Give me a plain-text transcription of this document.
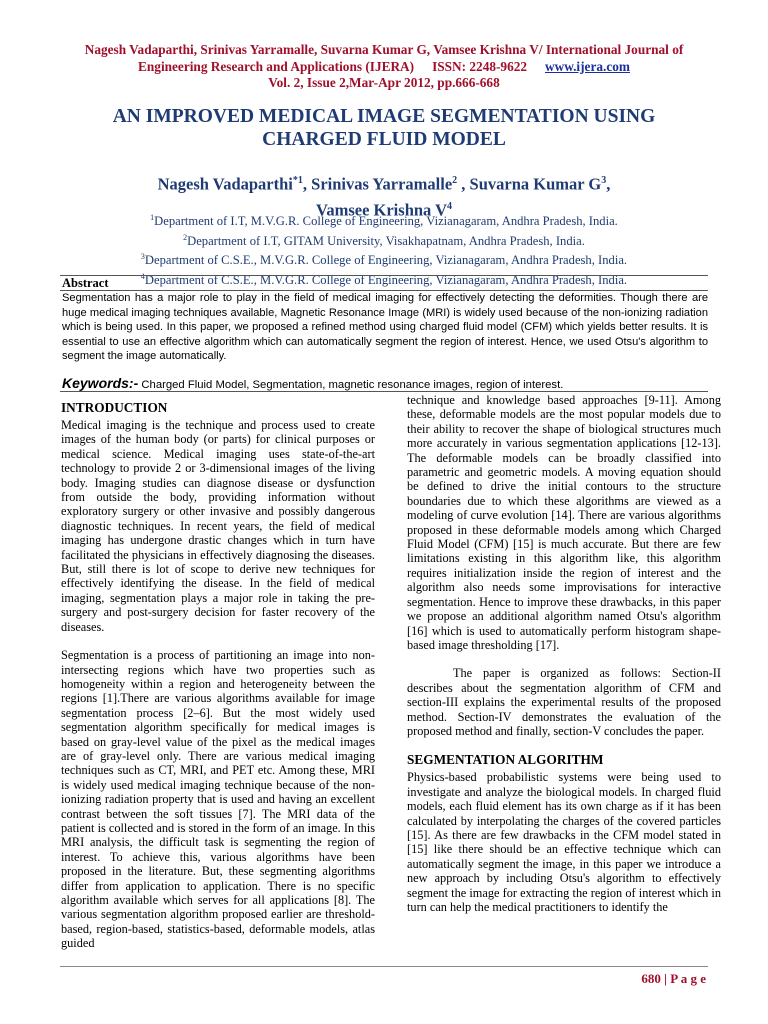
Nagesh Vadaparthi, Srinivas Yarramalle, Suvarna Kumar G, Vamsee Krishna V/ International Journal of
Engineering Research and Applications (IJERA) ISSN: 2248-9622 www.ijera.com
Vol. 2, Issue 2,Mar-Apr 2012, pp.666-668
AN IMPROVED MEDICAL IMAGE SEGMENTATION USING
CHARGED FLUID MODEL
Nagesh Vadaparthi$^{*1}$, Srinivas Yarramalle$^2$ , Suvarna Kumar $G^3$,
Vamsee Krishna $V^4$
$^1$Department of I.T, M.V.G.R. College of Engineering, Vizianagaram, Andhra Pradesh, India.
$^2$Department of I.T, GITAM University, Visakhapatnam, Andhra Pradesh, India.
$^3$Department of C.S.E., M.V.G.R. College of Engineering, Vizianagaram, Andhra Pradesh, India.
$^4$Department of C.S.E., M.V.G.R. College of Engineering, Vizianagaram, Andhra Pradesh, India.
Abstract
Segmentation has a major role to play in the field of medical imaging for effectively detecting the deformities. Though there are huge medical imaging techniques available, Magnetic Resonance Image (MRI) is widely used because of the non-ionizing radiation which is being used. In this paper, we proposed a refined method using charged fluid model (CFM) which yields better results. It is essential to use an effective algorithm which can automatically segment the region of interest. Hence, we used Otsu's algorithm to segment the image automatically.
Keywords:- Charged Fluid Model, Segmentation, magnetic resonance images, region of interest.
INTRODUCTION

Medical imaging is the technique and process used to create images of the human body (or parts) for clinical purposes or medical science. Medical imaging uses state-of-the-art technology to provide 2 or 3-dimensional images of the living body. Imaging studies can diagnose disease or dysfunction from outside the body, providing information without exploratory surgery or other invasive and possibly dangerous diagnostic techniques. In recent years, the field of medical imaging has undergone drastic changes which in turn have facilitated the physicians in effectively diagnosing the diseases. But, still there is lot of scope to derive new techniques for effectively identifying the disease. In the field of medical imaging, segmentation plays a major role in taking the pre-surgery and post-surgery decision for faster recovery of the diseases.

Segmentation is a process of partitioning an image into non-intersecting regions which have two properties such as homogeneity within a region and heterogeneity between the regions [1].There are various algorithms available for image segmentation process [2–6]. But the most widely used segmentation algorithm specifically for medical images is based on gray-level value of the pixel as the medical images are of gray-level only. There are various medical imaging techniques such as CT, MRI, and PET etc. Among these, MRI is widely used medical imaging technique because of the non-ionizing radiation property that is used and having an excellent contrast between the soft tissues [7]. The MRI data of the patient is collected and is stored in the form of an image. In this MRI analysis, the difficult task is segmenting the region of interest. To achieve this, various algorithms have been proposed in the literature. But, these segmenting algorithms differ from application to application. There is no specific algorithm available which serves for all applications [8]. The various segmentation algorithm proposed earlier are threshold-based, region-based, statistics-based, deformable models, atlas guided

technique and knowledge based approaches [9-11]. Among these, deformable models are the most popular models due to their ability to recover the shape of biological structures much more accurately in various segmentation applications [12-13]. The deformable models can be broadly classified into parametric and geometric models. A moving equation should be defined to drive the initial contours to the structure boundaries due to which these algorithms are viewed as a modeling of curve evolution [14]. There are various algorithms proposed in these deformable models among which Charged Fluid Model (CFM) [15] is much accurate. But there are few limitations existing in this algorithm like, this algorithm requires initialization inside the region of interest and the algorithm also needs some improvisations for interactive segmentation. Hence to improve these drawbacks, in this paper we propose an additional algorithm named Otsu's algorithm [16] which is used to automatically perform histogram shape-based image thresholding [17].

The paper is organized as follows: Section-II describes about the segmentation algorithm of CFM and section-III explains the experimental results of the proposed method. Section-IV demonstrates the evaluation of the proposed method and finally, section-V concludes the paper.

SEGMENTATION ALGORITHM

Physics-based probabilistic systems were being used to investigate and analyze the biological models. In charged fluid models, each fluid element has its own charge as if it has been calculated by interpolating the charges of the covered particles [15]. As there are few drawbacks in the CFM model stated in [15] like there should be an effective technique which can automatically segment the image, in this paper we introduce a new approach by including Otsu's algorithm to effectively segment the image for extracting the region of interest which in turn can help the medical practitioners to identify the

680 | P a g e
